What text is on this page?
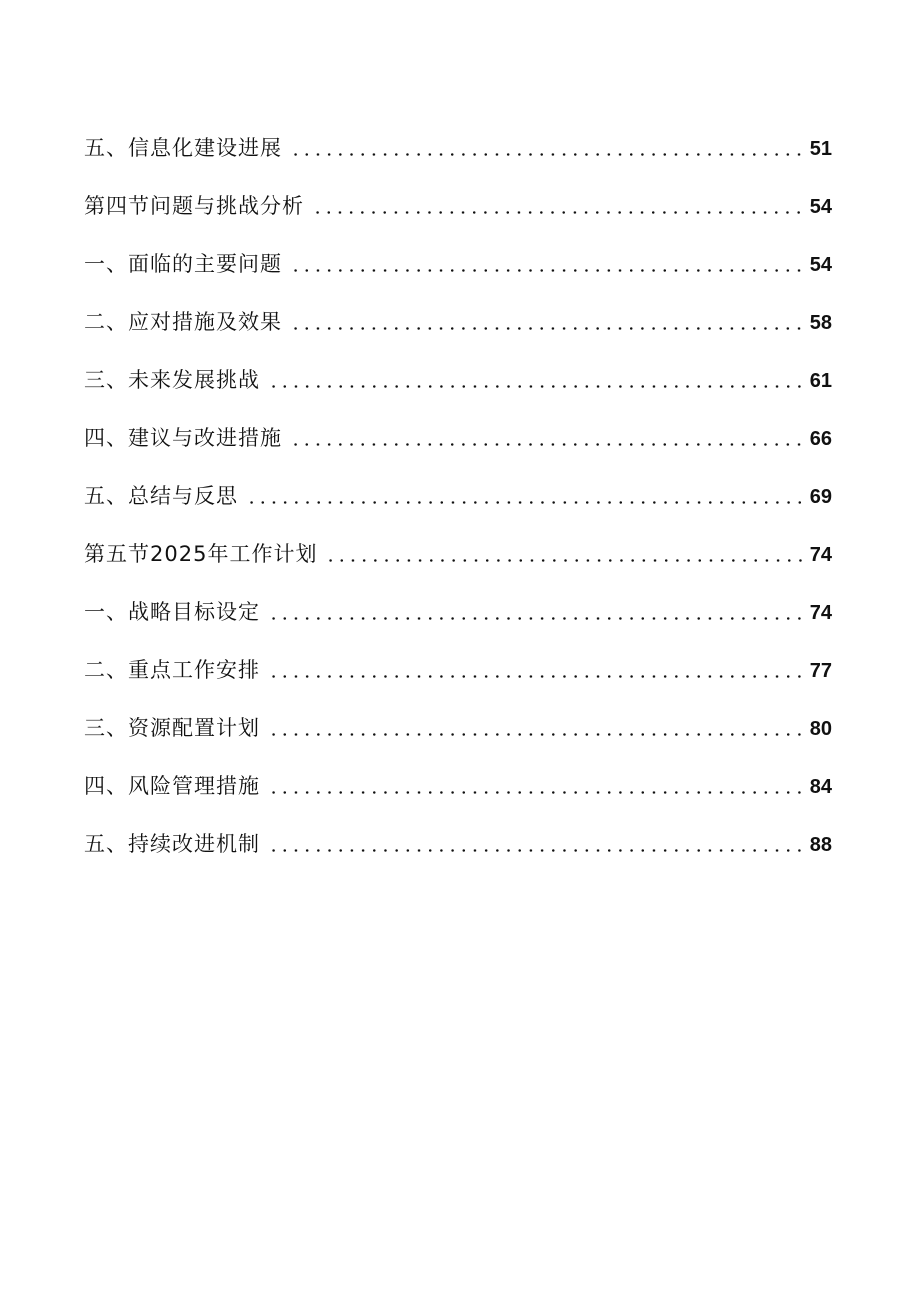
五、信息化建设进展	51
第四节问题与挑战分析	54
一、面临的主要问题	54
二、应对措施及效果	58
三、未来发展挑战	61
四、建议与改进措施	66
五、总结与反思	69
第五节2025年工作计划	74
一、战略目标设定	74
二、重点工作安排	77
三、资源配置计划	80
四、风险管理措施	84
五、持续改进机制	88
